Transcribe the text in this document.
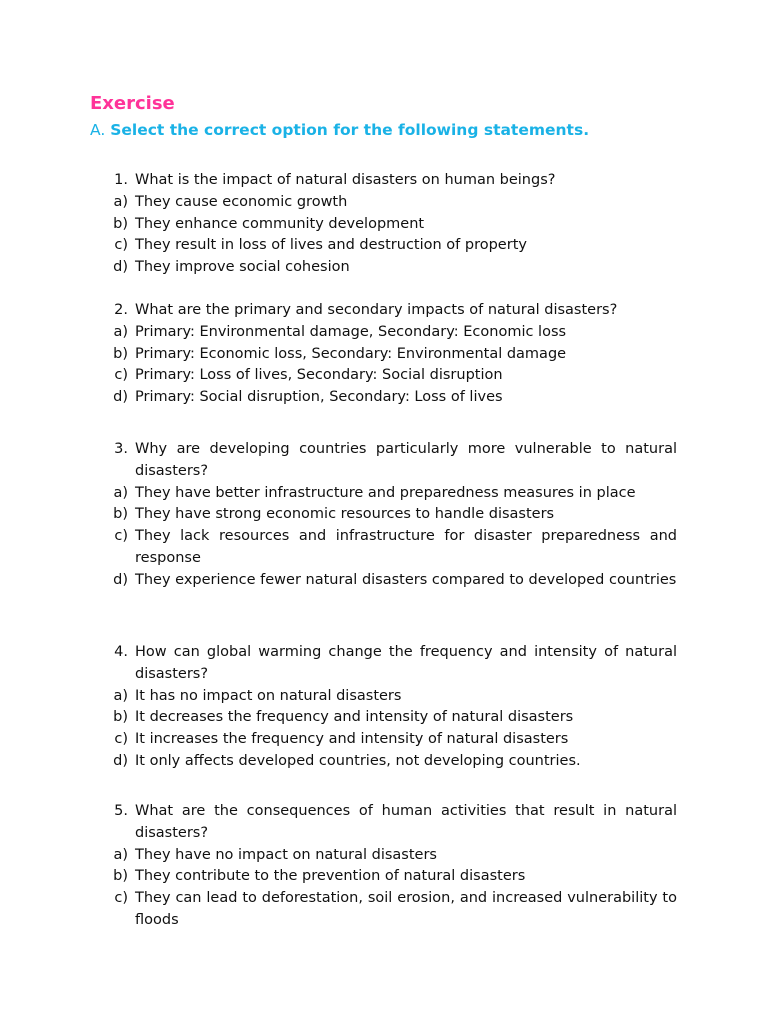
Exercise
A. Select the correct option for the following statements.
1. What is the impact of natural disasters on human beings?
a) They cause economic growth
b) They enhance community development
c) They result in loss of lives and destruction of property
d) They improve social cohesion
2. What are the primary and secondary impacts of natural disasters?
a) Primary: Environmental damage, Secondary: Economic loss
b) Primary: Economic loss, Secondary: Environmental damage
c) Primary: Loss of lives, Secondary: Social disruption
d) Primary: Social disruption, Secondary: Loss of lives
3. Why are developing countries particularly more vulnerable to natural disasters?
a) They have better infrastructure and preparedness measures in place
b) They have strong economic resources to handle disasters
c) They lack resources and infrastructure for disaster preparedness and response
d) They experience fewer natural disasters compared to developed countries
4. How can global warming change the frequency and intensity of natural disasters?
a) It has no impact on natural disasters
b) It decreases the frequency and intensity of natural disasters
c) It increases the frequency and intensity of natural disasters
d) It only affects developed countries, not developing countries.
5. What are the consequences of human activities that result in natural disasters?
a) They have no impact on natural disasters
b) They contribute to the prevention of natural disasters
c) They can lead to deforestation, soil erosion, and increased vulnerability to floods
